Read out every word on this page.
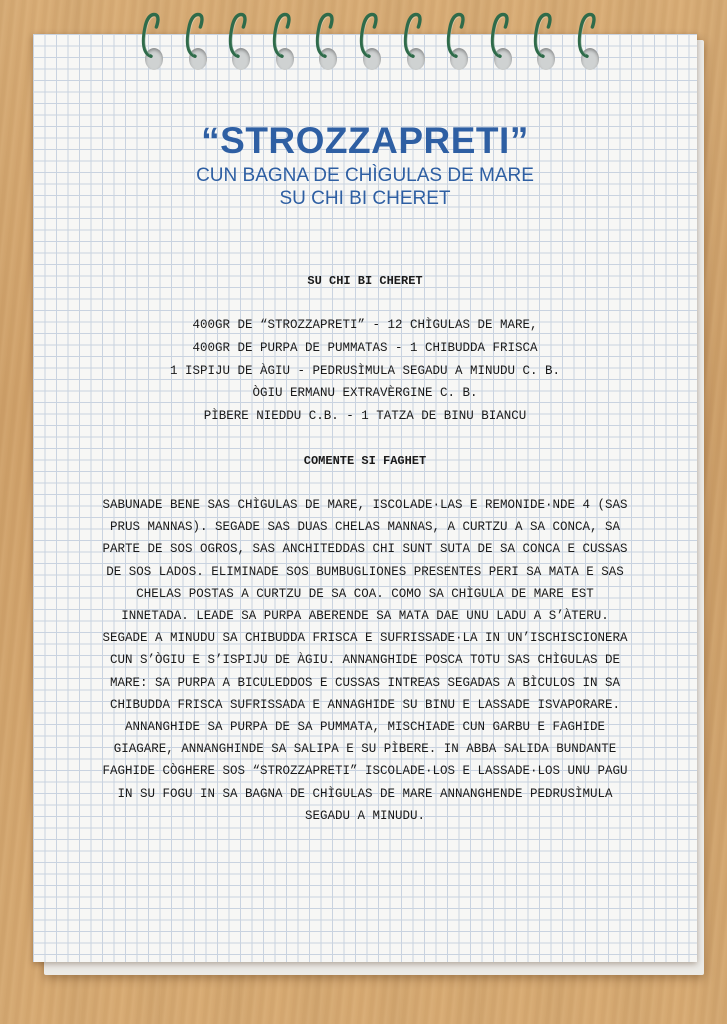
“STROZZAPRETI”

CUN BAGNA DE CHÌGULAS DE MARE

SU CHI BI CHERET

SU CHI BI CHERET
400GR DE “STROZZAPRETI” - 12 CHÌGULAS DE MARE,
400GR DE PURPA DE PUMMATAS - 1 CHIBUDDA FRISCA
1 ISPIJU DE ÀGIU - PEDRUSÌMULA SEGADU A MINUDU C. B.
ÒGIU ERMANU EXTRAVÈRGINE C. B.
PÌBERE NIEDDU C.B. - 1 TATZA DE BINU BIANCU
COMENTE SI FAGHET
SABUNADE BENE SAS CHÌGULAS DE MARE, ISCOLADE·LAS E REMONIDE·NDE 4 (SAS
PRUS MANNAS). SEGADE SAS DUAS CHELAS MANNAS, A CURTZU A SA CONCA, SA
PARTE DE SOS OGROS, SAS ANCHITEDDAS CHI SUNT SUTA DE SA CONCA E CUSSAS
DE SOS LADOS. ELIMINADE SOS BUMBUGLIONES PRESENTES PERI SA MATA E SAS
CHELAS POSTAS A CURTZU DE SA COA. COMO SA CHÌGULA DE MARE EST
INNETADA. LEADE SA PURPA ABERENDE SA MATA DAE UNU LADU A S’ÀTERU.
SEGADE A MINUDU SA CHIBUDDA FRISCA E SUFRISSADE·LA IN UN’ISCHISCIONERA
CUN S’ÒGIU E S’ISPIJU DE ÀGIU. ANNANGHIDE POSCA TOTU SAS CHÌGULAS DE
MARE: SA PURPA A BICULEDDOS E CUSSAS INTREAS SEGADAS A BÌCULOS IN SA
CHIBUDDA FRISCA SUFRISSADA E ANNAGHIDE SU BINU E LASSADE ISVAPORARE.
ANNANGHIDE SA PURPA DE SA PUMMATA, MISCHIADE CUN GARBU E FAGHIDE
GIAGARE, ANNANGHINDE SA SALIPA E SU PÌBERE. IN ABBA SALIDA BUNDANTE
FAGHIDE CÒGHERE SOS “STROZZAPRETI” ISCOLADE·LOS E LASSADE·LOS UNU PAGU
IN SU FOGU IN SA BAGNA DE CHÌGULAS DE MARE ANNANGHENDE PEDRUSÌMULA
SEGADU A MINUDU.
